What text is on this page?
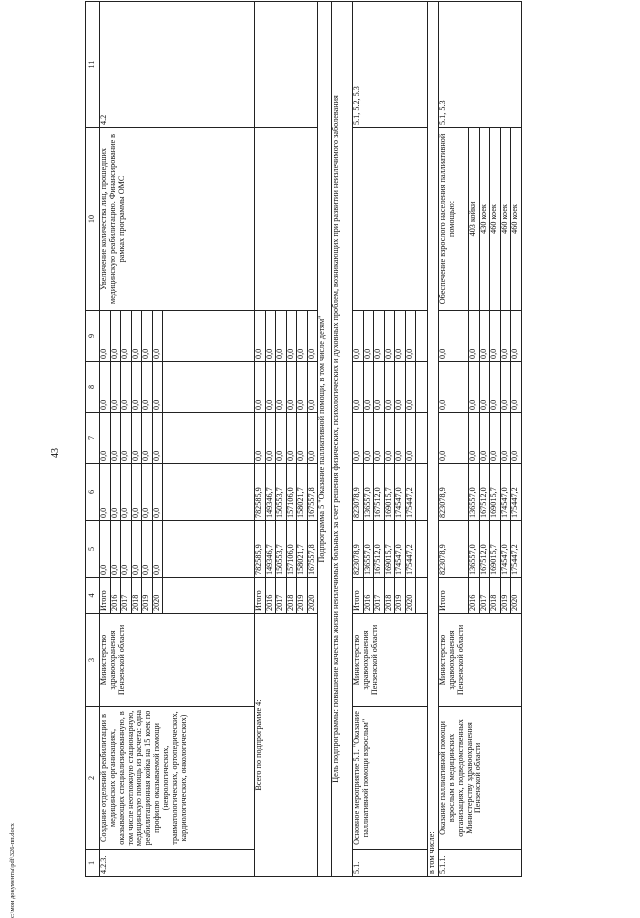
43
c:\мои документы\pdf\326-пп.docx	1	2	3	4	5	6	7	8	9	10	11
4.2.3.	Создание отделений реабилитации в медицинских организациях, оказывающих специализированную, в том числе неотложную стационарную, медицинскую помощь из расчета: одна реабилитационная койка на 15 коек по профилю оказываемой помощи (неврологических, травматологических, ортопедических, кардиологических, онкологических)	Министерство здравоохранения Пензенской области	Итого	0,0	0,0	0,0	0,0	0,0	Увеличение количества лиц, прошедших медицинскую реабилитацию. Финансирование в рамках программы ОМС	4.2
			2016	0,0	0,0	0,0	0,0	0,0		
			2017	0,0	0,0	0,0	0,0	0,0		
			2018	0,0	0,0	0,0	0,0	0,0		
			2019	0,0	0,0	0,0	0,0	0,0		
			2020	0,0	0,0	0,0	0,0	0,0		

Всего по подпрограмме 4:			Итого	782585,9	782585,9	0,0	0,0	0,0		
			2016	149346,7	149346,7	0,0	0,0	0,0		
			2017	150553,7	150553,7	0,0	0,0	0,0		
			2018	157106,0	157106,0	0,0	0,0	0,0		
			2019	158021,7	158021,7	0,0	0,0	0,0		
			2020	167557,8	167557,8	0,0	0,0	0,0		
Подпрограмма 5 "Оказание паллиативной помощи, в том числе детям"										
Цель подпрограммы: повышение качества жизни неизлечимых больных за счет решения физических, психологических и духовных проблем, возникающих при развитии неизлечимого заболевания										
5.1.	Основное мероприятие 5.1. "Оказание паллиативной помощи взрослым"	Министерство здравоохранения Пензенской области	Итого	823078,9	823078,9	0,0	0,0	0,0		5.1, 5.2, 5.3
			2016	136557,0	136557,0	0,0	0,0	0,0		
			2017	167512,0	167512,0	0,0	0,0	0,0		
			2018	169015,7	169015,7	0,0	0,0	0,0		
			2019	174547,0	174547,0	0,0	0,0	0,0		
			2020	175447,2	175447,2	0,0	0,0	0,0		

в том числе:										
5.1.1.	Оказание паллиативной помощи взрослым в медицинских организациях, подведомственных Министерству здравоохранения Пензенской области	Министерство здравоохранения Пензенской области	Итого	823078,9	823078,9	0,0	0,0	0,0	Обеспечение взрослого населения паллиативной помощью:	5.1, 5.3
			2016	136557,0	136557,0	0,0	0,0	0,0	403 койки	
			2017	167512,0	167512,0	0,0	0,0	0,0	430 коек	
			2018	169015,7	169015,7	0,0	0,0	0,0	460 коек	
			2019	174547,0	174547,0	0,0	0,0	0,0	460 коек	
			2020	175447,2	175447,2	0,0	0,0	0,0	460 коек	
